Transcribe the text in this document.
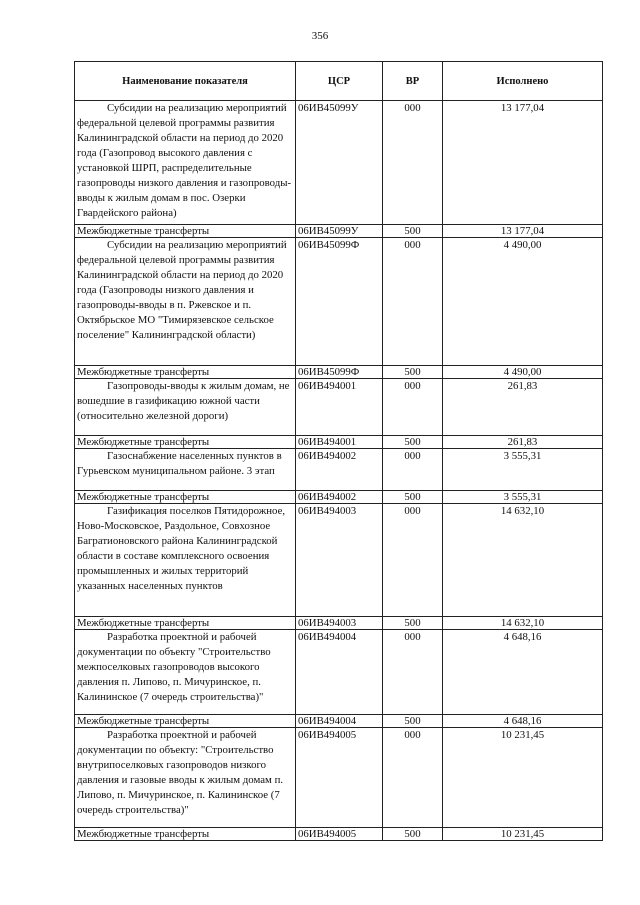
356
Наименование показателя	ЦСР	ВР	Исполнено
Субсидии на реализацию мероприятий федеральной целевой программы развития Калининградской области на период до 2020 года (Газопровод высокого давления с установкой ШРП, распределительные газопроводы низкого давления и газопроводы-вводы к жилым домам в пос. Озерки Гвардейского района)	06ИВ45099У	000	13 177,04
Межбюджетные трансферты	06ИВ45099У	500	13 177,04
Субсидии на реализацию мероприятий федеральной целевой программы развития Калининградской области на период до 2020 года (Газопроводы низкого давления и газопроводы-вводы в п. Ржевское и п. Октябрьское МО "Тимирязевское сельское поселение" Калининградской области)	06ИВ45099Ф	000	4 490,00
Межбюджетные трансферты	06ИВ45099Ф	500	4 490,00
Газопроводы-вводы к жилым домам, не вошедшие в газификацию южной части (относительно железной дороги)	06ИВ494001	000	261,83
Межбюджетные трансферты	06ИВ494001	500	261,83
Газоснабжение населенных пунктов в Гурьевском муниципальном районе. 3 этап	06ИВ494002	000	3 555,31
Межбюджетные трансферты	06ИВ494002	500	3 555,31
Газификация поселков Пятидорожное, Ново-Московское, Раздольное, Совхозное Багратионовского района Калининградской области в составе комплексного освоения промышленных и жилых территорий указанных населенных пунктов	06ИВ494003	000	14 632,10
Межбюджетные трансферты	06ИВ494003	500	14 632,10
Разработка проектной и рабочей документации по объекту "Строительство межпоселковых газопроводов высокого давления п. Липово, п. Мичуринское, п. Калининское (7 очередь строительства)"	06ИВ494004	000	4 648,16
Межбюджетные трансферты	06ИВ494004	500	4 648,16
Разработка проектной и рабочей документации по объекту: "Строительство внутрипоселковых газопроводов низкого давления и газовые вводы к жилым домам п. Липово, п. Мичуринское, п. Калининское (7 очередь строительства)"	06ИВ494005	000	10 231,45
Межбюджетные трансферты	06ИВ494005	500	10 231,45
